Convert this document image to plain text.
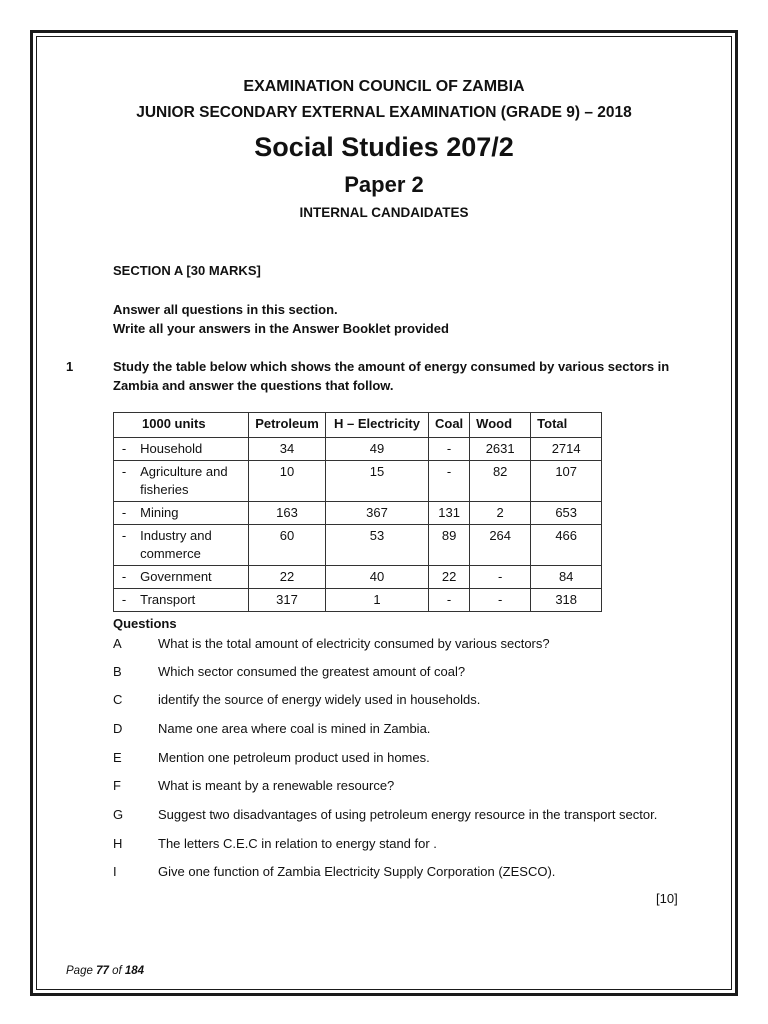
EXAMINATION COUNCIL OF ZAMBIA
JUNIOR SECONDARY EXTERNAL EXAMINATION (GRADE 9) – 2018
Social Studies 207/2
Paper 2
INTERNAL CANDAIDATES
SECTION A [30 MARKS]
Answer all questions in this section.
Write all your answers in the Answer Booklet provided
1	Study the table below which shows the amount of energy consumed by various sectors in
Zambia and answer the questions that follow.
1000 units		Petroleum	H – Electricity	Coal	Wood	Total
-	Household	34	49	-	2631	2714
-	Agriculture and fisheries	10	15	-	82	107
-	Mining	163	367	131	2	653
-	Industry and commerce	60	53	89	264	466
-	Government	22	40	22	-	84
-	Transport	317	1	-	-	318
Questions
A	What is the total amount of electricity consumed by various sectors?
B	Which sector consumed the greatest amount of coal?
C	identify the source of energy widely used in households.
D	Name one area where coal is mined in Zambia.
E	Mention one petroleum product used in homes.
F	What is meant by a renewable resource?
G	Suggest two disadvantages of using petroleum energy resource in the transport sector.
H	The letters C.E.C in relation to energy stand for .
I	Give one function of Zambia Electricity Supply Corporation (ZESCO).
[10]
Page 77 of 184
